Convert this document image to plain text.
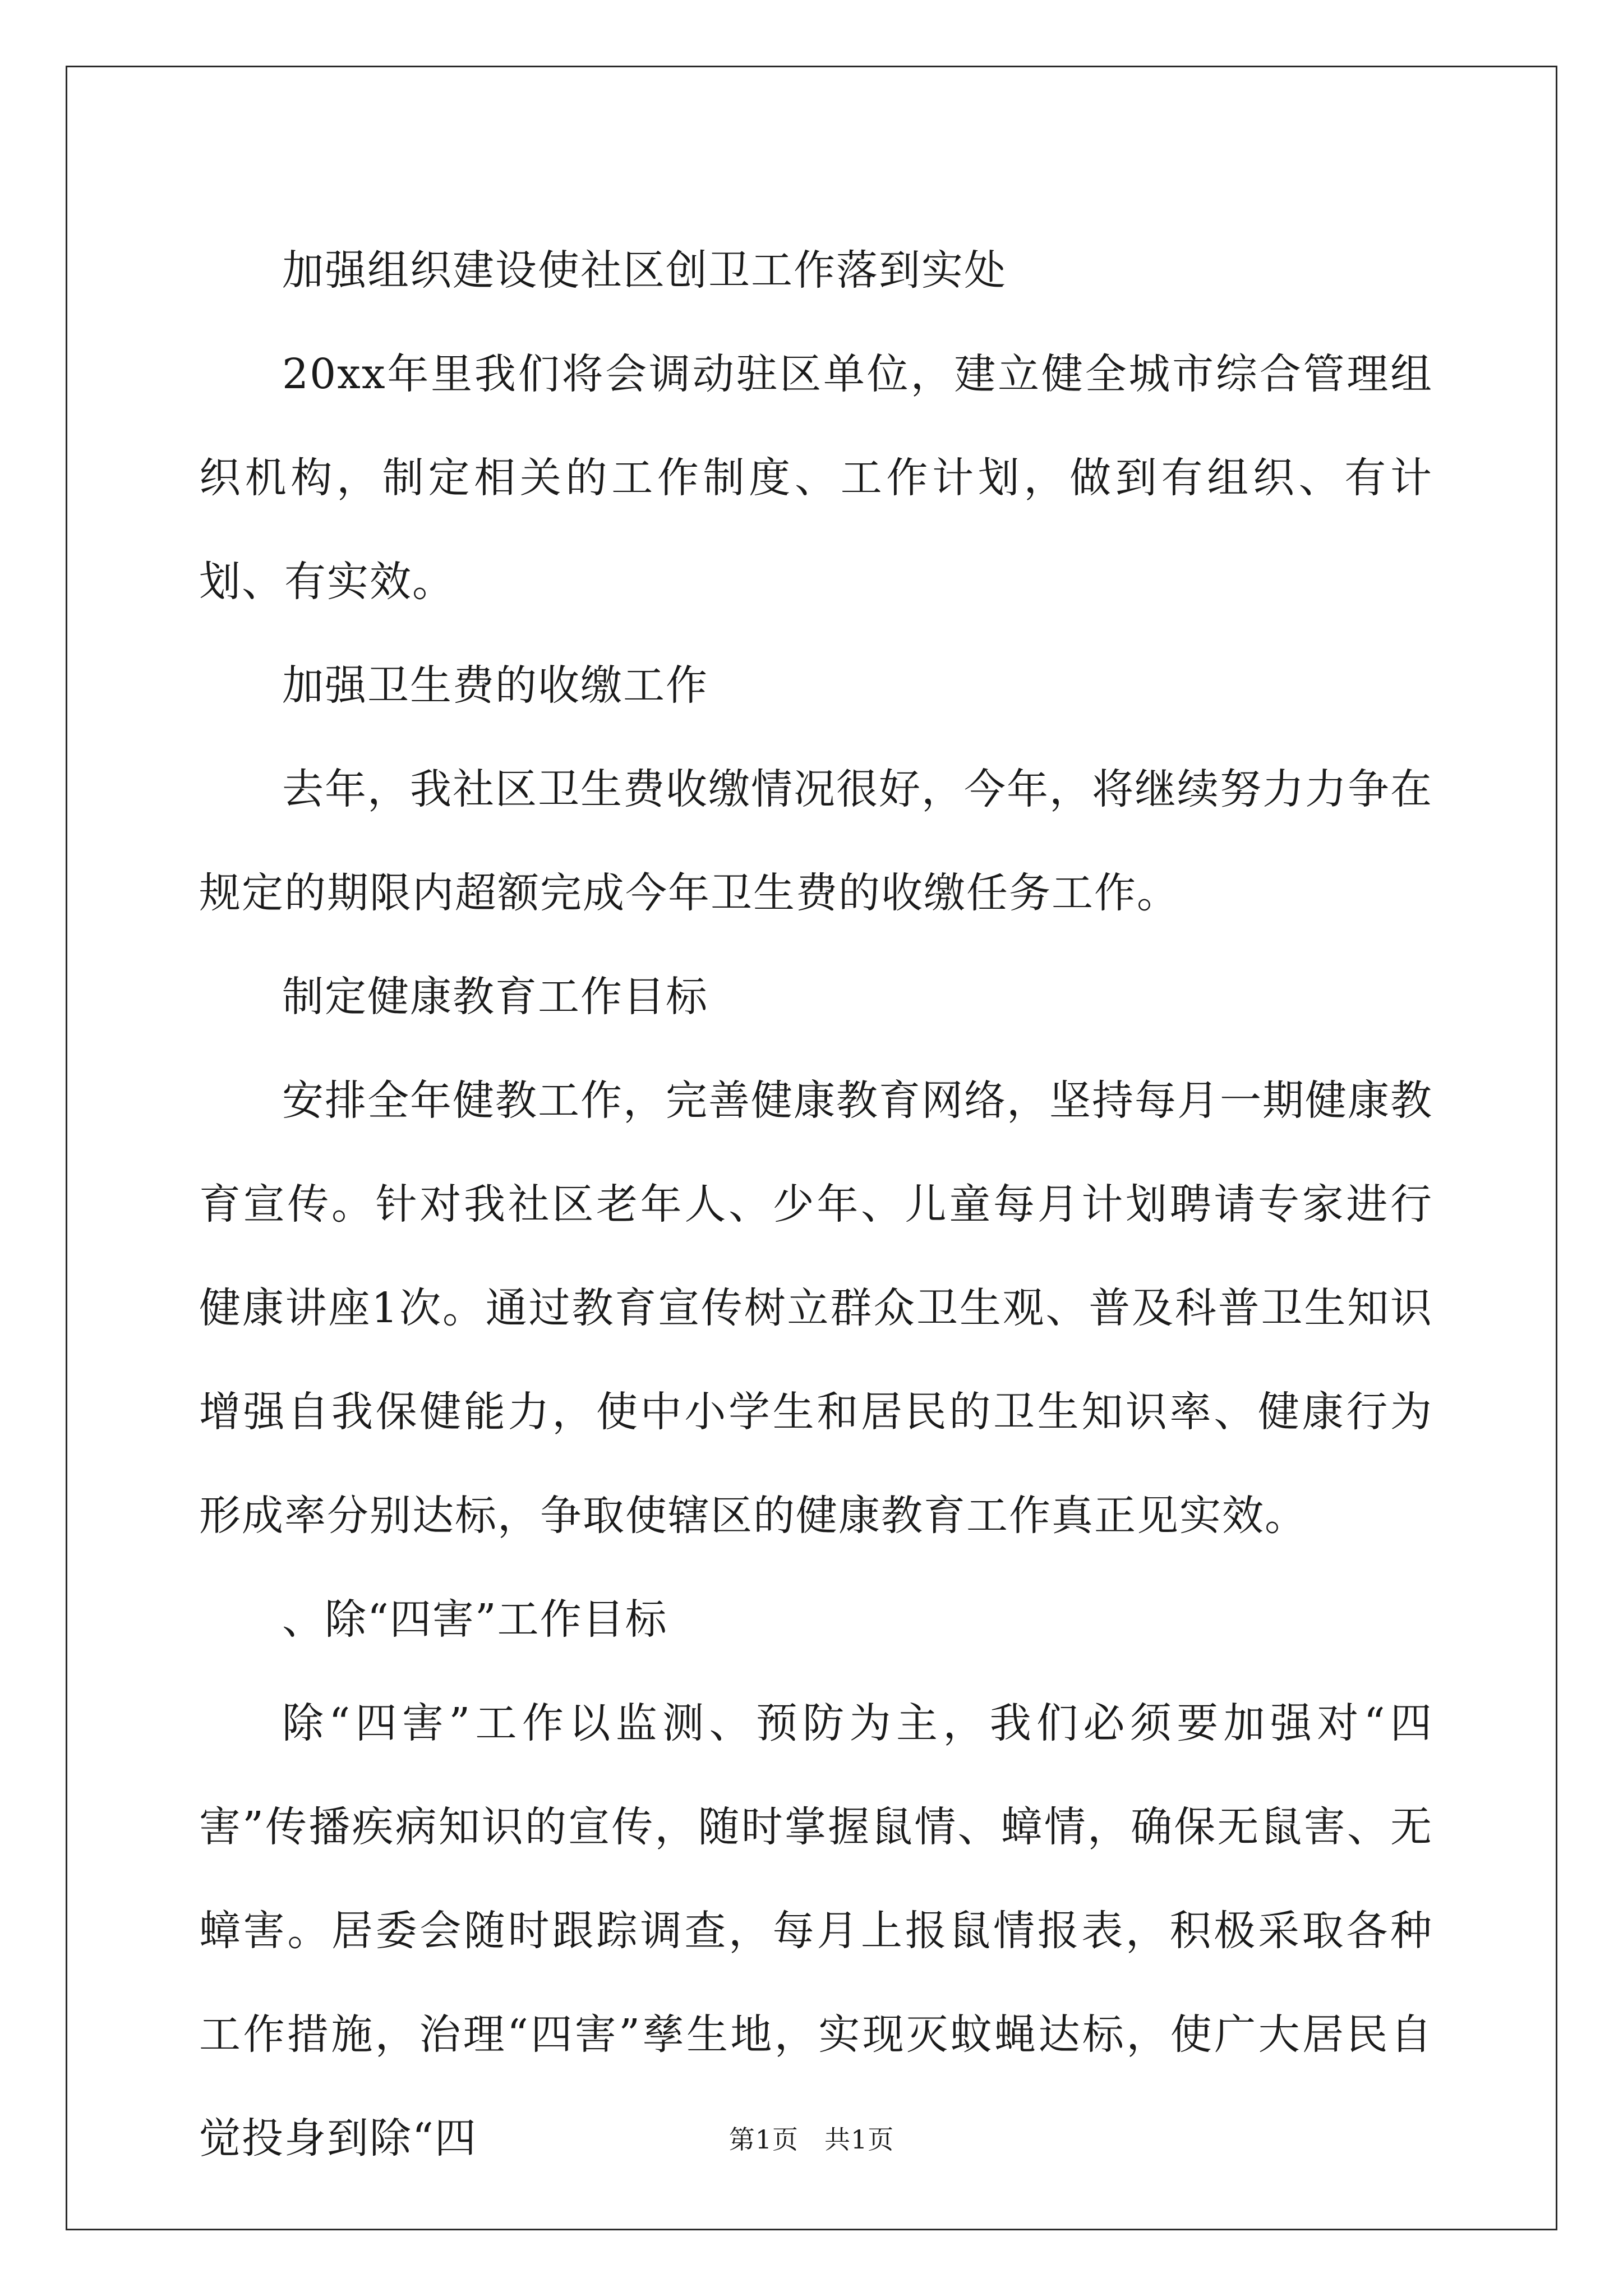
加强组织建设使社区创卫工作落到实处

20xx年里我们将会调动驻区单位，建立健全城市综合管理组织机构，制定相关的工作制度、工作计划，做到有组织、有计划、有实效。

加强卫生费的收缴工作

去年，我社区卫生费收缴情况很好，今年，将继续努力力争在规定的期限内超额完成今年卫生费的收缴任务工作。

制定健康教育工作目标

安排全年健教工作，完善健康教育网络，坚持每月一期健康教育宣传。针对我社区老年人、少年、儿童每月计划聘请专家进行健康讲座1次。通过教育宣传树立群众卫生观、普及科普卫生知识增强自我保健能力，使中小学生和居民的卫生知识率、健康行为形成率分别达标，争取使辖区的健康教育工作真正见实效。

、除“四害”工作目标

除“四害”工作以监测、预防为主，我们必须要加强对“四害”传播疾病知识的宣传，随时掌握鼠情、蟑情，确保无鼠害、无蟑害。居委会随时跟踪调查，每月上报鼠情报表，积极采取各种工作措施，治理“四害”孳生地，实现灭蚊蝇达标，使广大居民自觉投身到除“四	第1页 共1页
